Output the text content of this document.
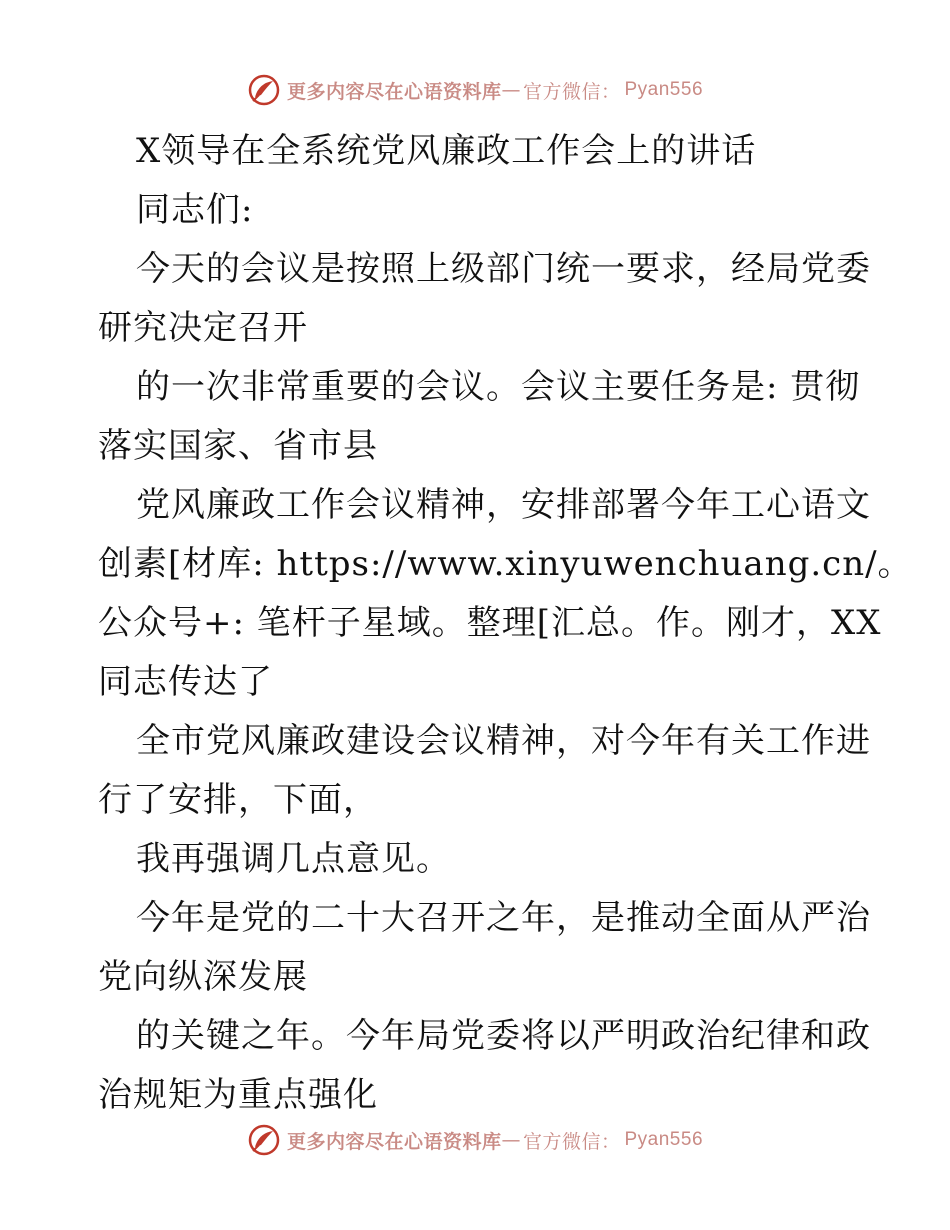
更多内容尽在心语资料库 — 官方微信： Pyan556
X领导在全系统党风廉政工作会上的讲话
同志们:
今天的会议是按照上级部门统一要求，经局党委
研究决定召开
的一次非常重要的会议。会议主要任务是: 贯彻
落实国家、省市县
党风廉政工作会议精神，安排部署今年工心语文
创素[材库: https://www.xinyuwenchuang.cn/。
公众号+: 笔杆子星域。整理[汇总。作。刚才，XX
同志传达了
全市党风廉政建设会议精神，对今年有关工作进
行了安排，下面，
我再强调几点意见。
今年是党的二十大召开之年，是推动全面从严治
党向纵深发展
的关键之年。今年局党委将以严明政治纪律和政
治规矩为重点强化
更多内容尽在心语资料库 — 官方微信： Pyan556
